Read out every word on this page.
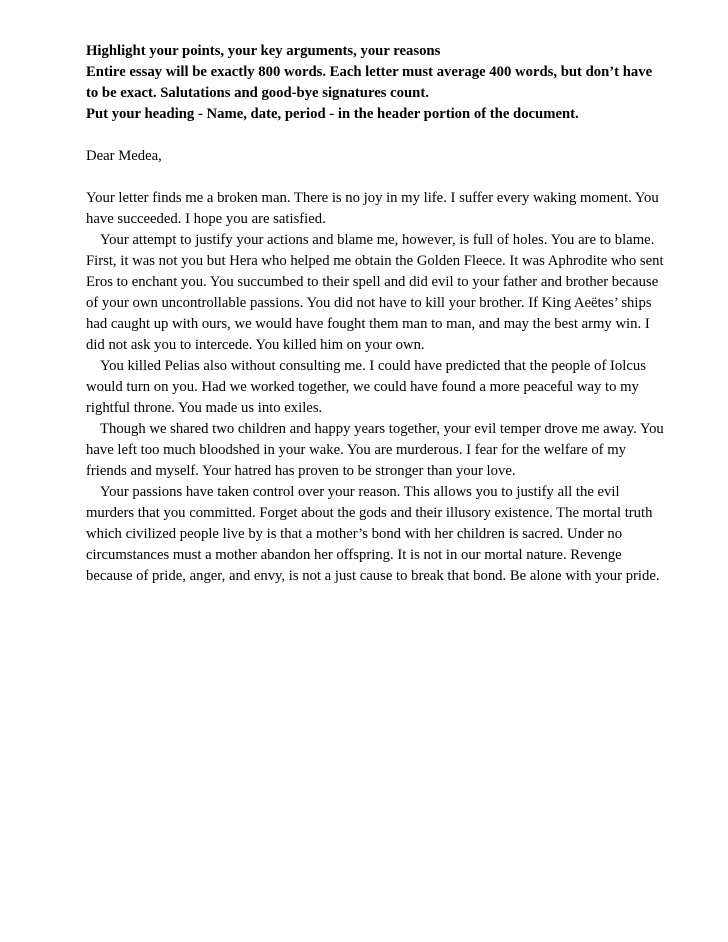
Highlight your points, your key arguments, your reasons
Entire essay will be exactly 800 words. Each letter must average 400 words, but don’t have to be exact. Salutations and good-bye signatures count.
Put your heading - Name, date, period - in the header portion of the document.

Dear Medea,

Your letter finds me a broken man. There is no joy in my life. I suffer every waking moment. You have succeeded. I hope you are satisfied.

Your attempt to justify your actions and blame me, however, is full of holes. You are to blame. First, it was not you but Hera who helped me obtain the Golden Fleece. It was Aphrodite who sent Eros to enchant you. You succumbed to their spell and did evil to your father and brother because of your own uncontrollable passions. You did not have to kill your brother. If King Aeëtes’ ships had caught up with ours, we would have fought them man to man, and may the best army win. I did not ask you to intercede. You killed him on your own.

You killed Pelias also without consulting me. I could have predicted that the people of Iolcus would turn on you. Had we worked together, we could have found a more peaceful way to my rightful throne. You made us into exiles.

Though we shared two children and happy years together, your evil temper drove me away. You have left too much bloodshed in your wake. You are murderous. I fear for the welfare of my friends and myself. Your hatred has proven to be stronger than your love.

Your passions have taken control over your reason. This allows you to justify all the evil murders that you committed. Forget about the gods and their illusory existence. The mortal truth which civilized people live by is that a mother’s bond with her children is sacred. Under no circumstances must a mother abandon her offspring. It is not in our mortal nature. Revenge because of pride, anger, and envy, is not a just cause to break that bond. Be alone with your pride.
